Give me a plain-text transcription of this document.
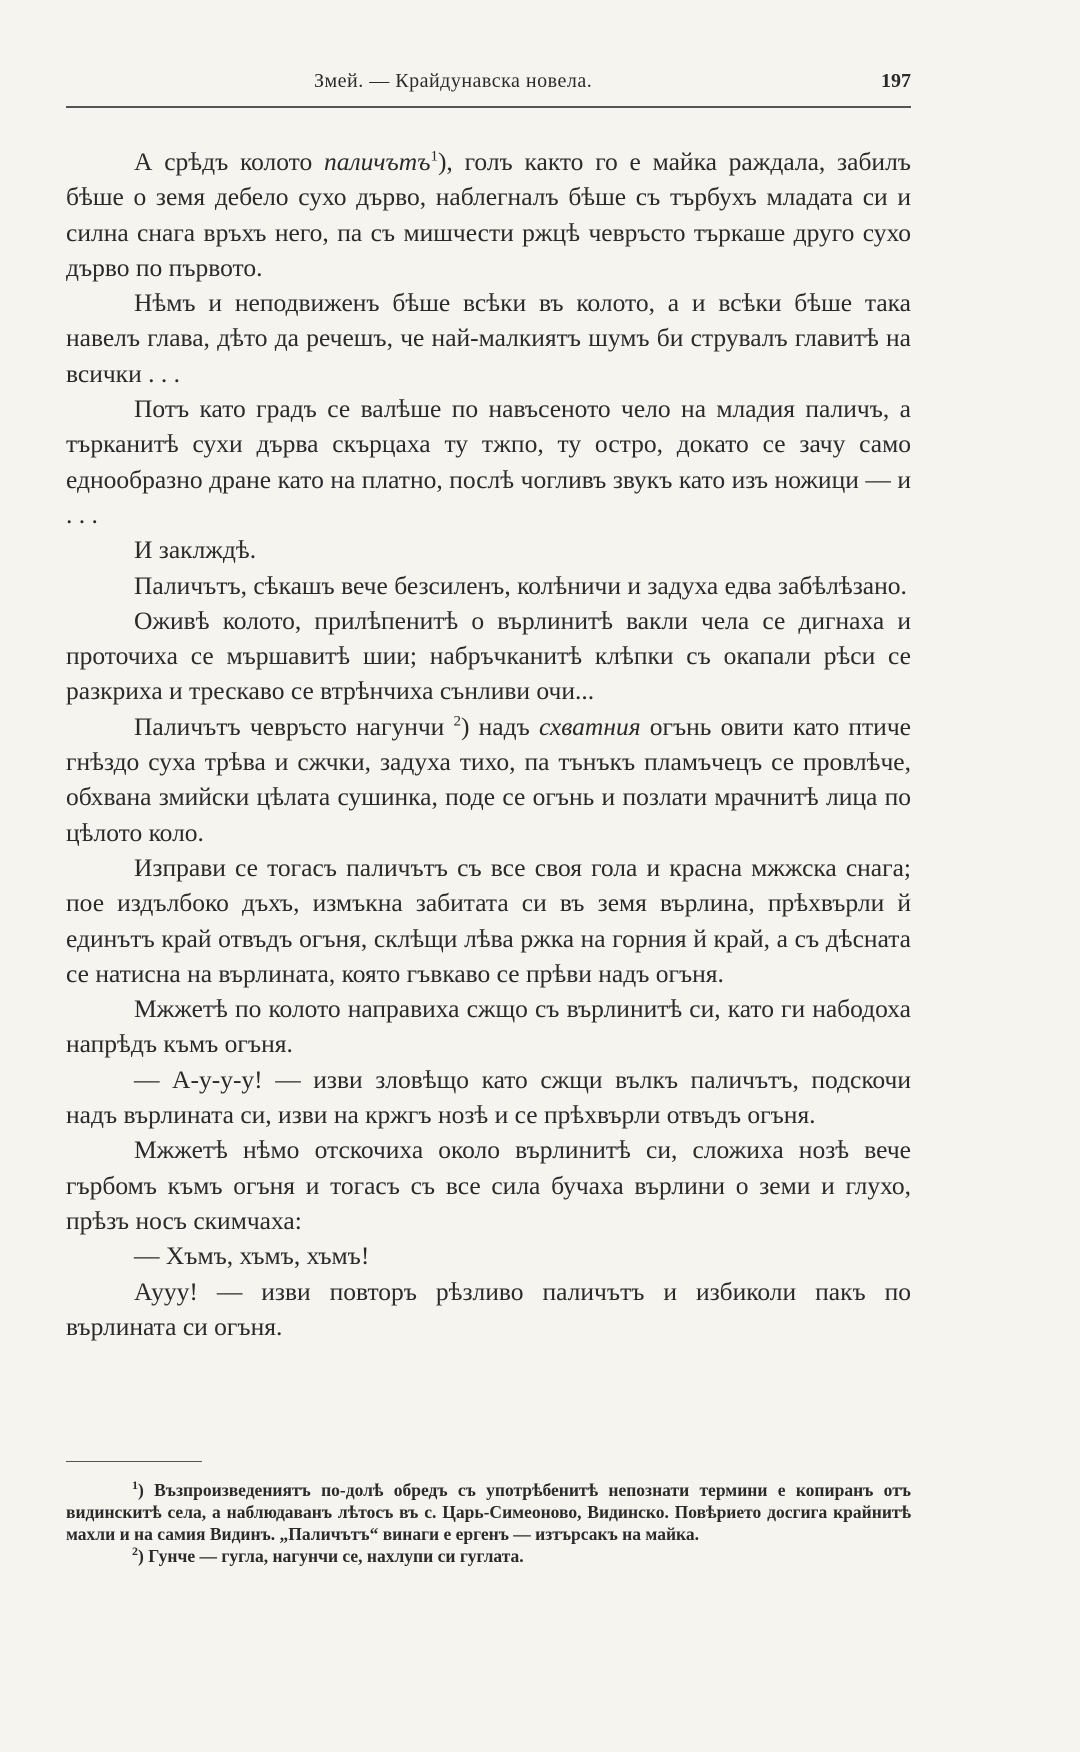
Змей. — Крайдунавска новела.	197

А срѣдъ колото паличътъ$^1$), голъ както го е майка раждала, забилъ бѣше о земя дебело сухо дърво, наблегналъ бѣше съ търбухъ младата си и силна снага връхъ него, па съ мишчести ржцѣ чевръсто търкаше друго сухо дърво по първото.

Нѣмъ и неподвиженъ бѣше всѣки въ колото, а и всѣки бѣше така навелъ глава, дѣто да речешъ, че най-малкиятъ шумъ би струвалъ главитѣ на всички . . .

Потъ като градъ се валѣше по навъсеното чело на младия паличъ, а търканитѣ сухи дърва скърцаха ту тжпо, ту остро, докато се зачу само еднообразно дране като на платно, послѣ чогливъ звукъ като изъ ножици — и . . .

И заклждѣ.

Паличътъ, сѣкашъ вече безсиленъ, колѣничи и задуха едва забѣлѣзано.

Оживѣ колото, прилѣпенитѣ о върлинитѣ вакли чела се дигнаха и проточиха се мършавитѣ шии; набръчканитѣ клѣпки съ окапали рѣси се разкриха и трескаво се втрѣнчиха сънливи очи...

Паличътъ чевръсто нагунчи $^2$) надъ схватния огънь овити като птиче гнѣздо суха трѣва и сжчки, задуха тихо, па тънъкъ пламъчецъ се провлѣче, обхвана змийски цѣлата сушинка, поде се огънь и позлати мрачнитѣ лица по цѣлото коло.

Изправи се тогасъ паличътъ съ все своя гола и красна мжжска снага; пое издълбоко дъхъ, измъкна забитата си въ земя върлина, прѣхвърли й единътъ край отвъдъ огъня, склѣщи лѣва ржка на горния й край, а съ дѣсната се натисна на върлината, която гъвкаво се прѣви надъ огъня.

Мжжетѣ по колото направиха сжщо съ върлинитѣ си, като ги набодоха напрѣдъ къмъ огъня.

— А-у-у-у! — изви зловѣщо като сжщи вълкъ паличътъ, подскочи надъ върлината си, изви на кржгъ нозѣ и се прѣхвърли отвъдъ огъня.

Мжжетѣ нѣмо отскочиха около върлинитѣ си, сложиха нозѣ вече гърбомъ къмъ огъня и тогасъ съ все сила бучаха върлини о земи и глухо, прѣзъ носъ скимчаха:

— Хъмъ, хъмъ, хъмъ!

Аууу! — изви повторъ рѣзливо паличътъ и избиколи пакъ по върлината си огъня.

$^1$) Възпроизведениятъ по-долѣ обредъ съ употрѣбенитѣ непознати термини е копиранъ отъ видинскитѣ села, а наблюдаванъ лѣтосъ въ с. Царь-Симеоново, Видинско. Повѣрието досгига крайнитѣ махли и на самия Видинъ. „Паличътъ“ винаги е ергенъ — изтърсакъ на майка.

$^2$) Гунче — гугла, нагунчи се, нахлупи си гуглата.
